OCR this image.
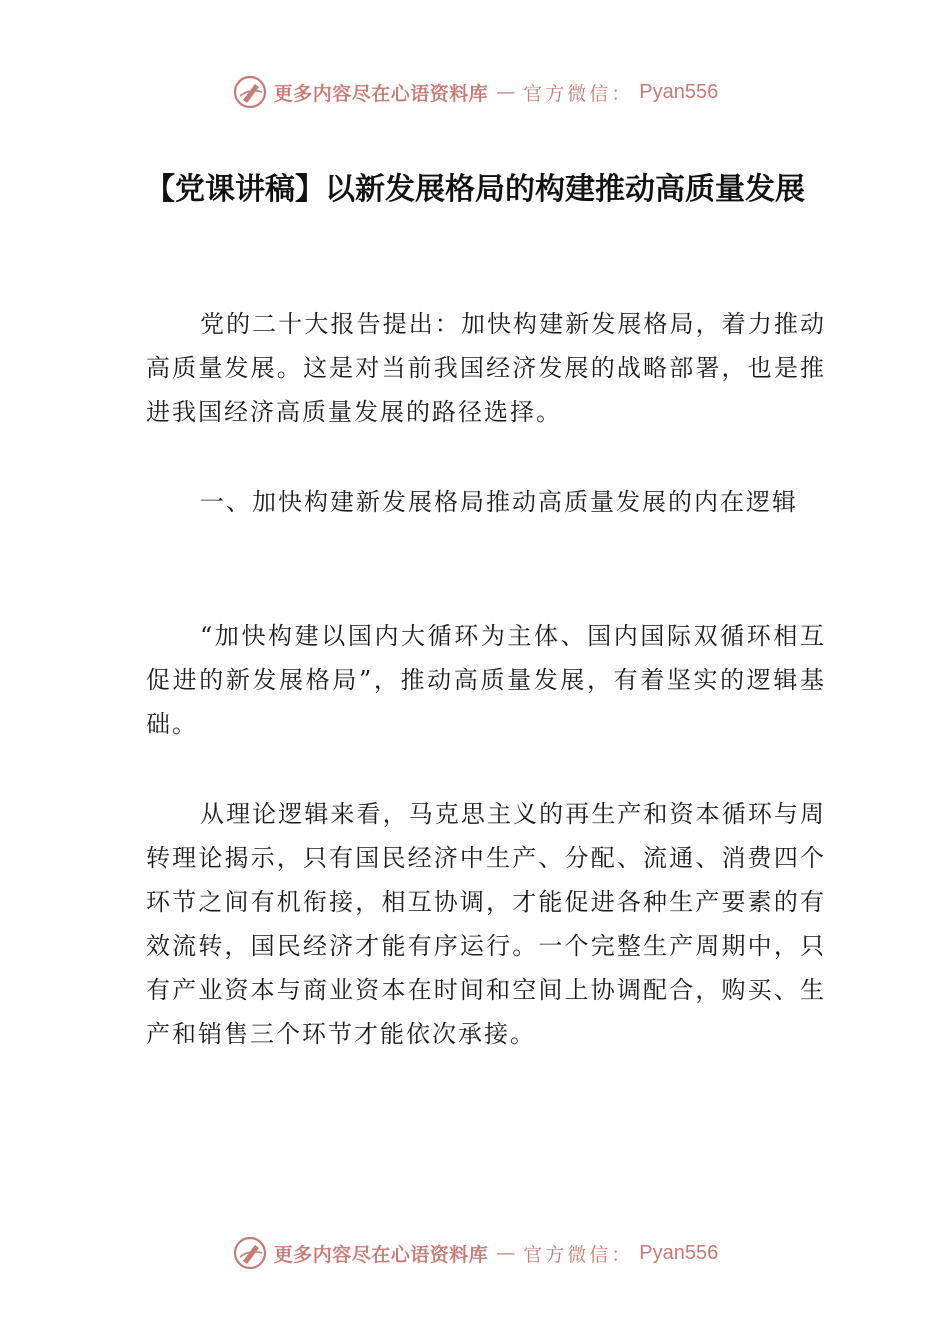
更多内容尽在心语资料库 — 官方微信： Pyan556
【党课讲稿】以新发展格局的构建推动高质量发展

党的二十大报告提出：加快构建新发展格局，着力推动高质量发展。这是对当前我国经济发展的战略部署，也是推进我国经济高质量发展的路径选择。

一、加快构建新发展格局推动高质量发展的内在逻辑

“加快构建以国内大循环为主体、国内国际双循环相互促进的新发展格局”，推动高质量发展，有着坚实的逻辑基础。

从理论逻辑来看，马克思主义的再生产和资本循环与周转理论揭示，只有国民经济中生产、分配、流通、消费四个环节之间有机衔接，相互协调，才能促进各种生产要素的有效流转，国民经济才能有序运行。一个完整生产周期中，只有产业资本与商业资本在时间和空间上协调配合，购买、生产和销售三个环节才能依次承接。

更多内容尽在心语资料库 — 官方微信： Pyan556
